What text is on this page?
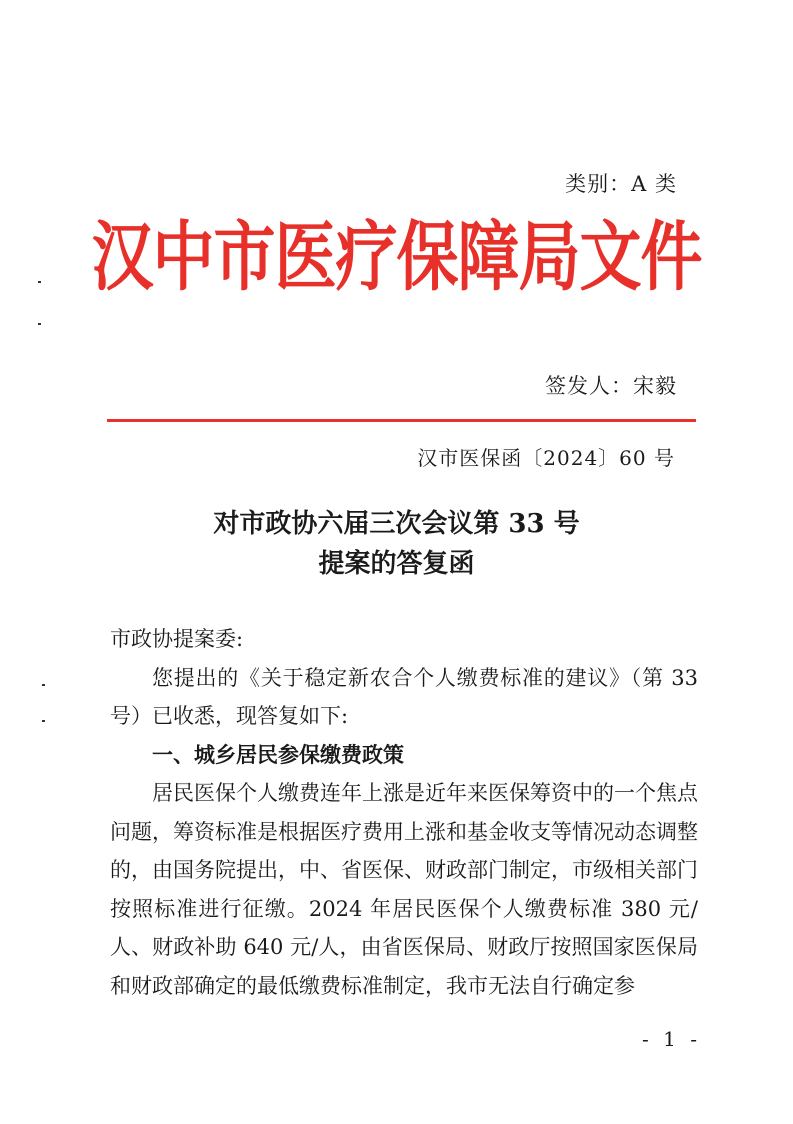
类别：A 类
汉中市医疗保障局文件
签发人：宋毅
汉市医保函〔2024〕60 号
对市政协六届三次会议第 33 号
提案的答复函

市政协提案委:

您提出的《关于稳定新农合个人缴费标准的建议》（第 33 号）已收悉，现答复如下:

一、城乡居民参保缴费政策

居民医保个人缴费连年上涨是近年来医保筹资中的一个焦点问题，筹资标准是根据医疗费用上涨和基金收支等情况动态调整的，由国务院提出，中、省医保、财政部门制定，市级相关部门按照标准进行征缴。2024 年居民医保个人缴费标准 380 元/人、财政补助 640 元/人，由省医保局、财政厅按照国家医保局和财政部确定的最低缴费标准制定，我市无法自行确定参

- 1 -
